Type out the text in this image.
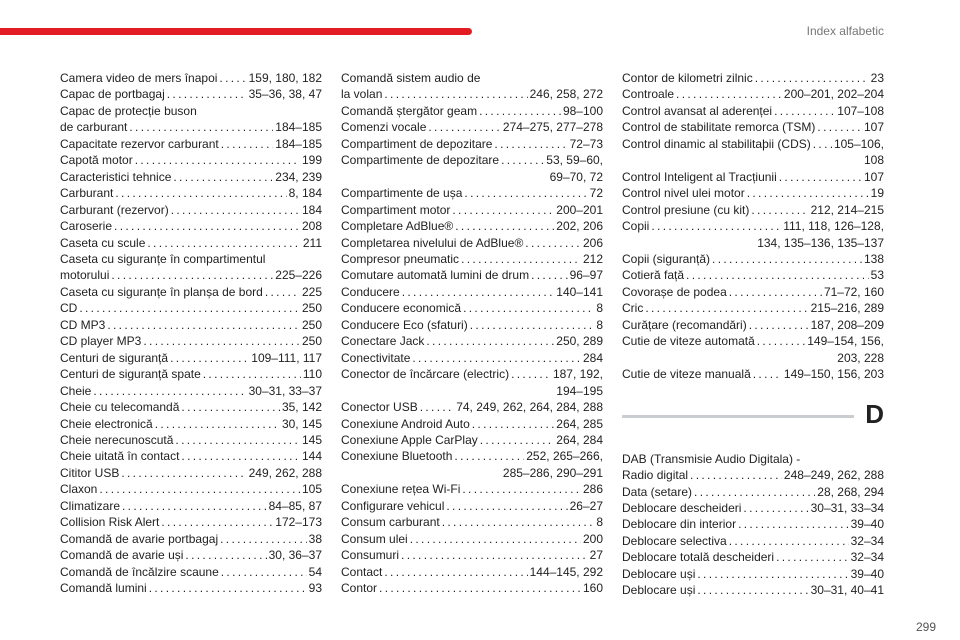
Index alfabetic
Camera video de mers înapoi . . .	159, 180, 182
Capac de portbagaj . . .	35–36, 38, 47
Capac de protecție buson
de carburant . . .	184–185
Capacitate rezervor carburant . . .	184–185
Capotă motor . . .	199
Caracteristici tehnice . . .	234, 239
Carburant . . .	8, 184
Carburant (rezervor) . . .	184
Caroserie . . .	208
Caseta cu scule . . .	211
Caseta cu siguranțe în compartimentul
motorului . . .	225–226
Caseta cu siguranțe în planșa de bord . . .	225
CD . . .	250
CD MP3 . . .	250
CD player MP3 . . .	250
Centuri de siguranță . . .	109–111, 117
Centuri de siguranță spate . . .	110
Cheie . . .	30–31, 33–37
Cheie cu telecomandă . . .	35, 142
Cheie electronică . . .	30, 145
Cheie nerecunoscută . . .	145
Cheie uitată în contact . . .	144
Cititor USB . . .	249, 262, 288
Claxon . . .	105
Climatizare . . .	84–85, 87
Collision Risk Alert . . .	172–173
Comandă de avarie portbagaj . . .	38
Comandă de avarie uși . . .	30, 36–37
Comandă de încălzire scaune . . .	54
Comandă lumini . . .	93
Comandă sistem audio de
la volan . . .	246, 258, 272
Comandă ștergător geam . . .	98–100
Comenzi vocale . . .	274–275, 277–278
Compartiment de depozitare . . .	72–73
Compartimente de depozitare . . .	53, 59–60,
69–70, 72
Compartimente de ușa . . .	72
Compartiment motor . . .	200–201
Completare AdBlue® . . .	202, 206
Completarea nivelului de AdBlue® . . .	206
Compresor pneumatic . . .	212
Comutare automată lumini de drum . . .	96–97
Conducere . . .	140–141
Conducere economică . . .	8
Conducere Eco (sfaturi) . . .	8
Conectare Jack . . .	250, 289
Conectivitate . . .	284
Conector de încărcare (electric) . . .	187, 192,
194–195
Conector USB . . .	74, 249, 262, 264, 284, 288
Conexiune Android Auto . . .	264, 285
Conexiune Apple CarPlay . . .	264, 284
Conexiune Bluetooth . . .	252, 265–266,
285–286, 290–291
Conexiune rețea Wi-Fi . . .	286
Configurare vehicul . . .	26–27
Consum carburant . . .	8
Consum ulei . . .	200
Consumuri . . .	27
Contact . . .	144–145, 292
Contor . . .	160
Contor de kilometri zilnic . . .	23
Controale . . .	200–201, 202–204
Control avansat al aderenței . . .	107–108
Control de stabilitate remorca (TSM) . . .	107
Control dinamic al stabilitaþii (CDS) . . . 105–106,
108
Control Inteligent al Tracțiunii . . .	107
Control nivel ulei motor . . .	19
Control presiune (cu kit) . . .	212, 214–215
Copii . . .	111, 118, 126–128,
134, 135–136, 135–137
Copii (siguranță) . . .	138
Cotieră față . . .	53
Covorașe de podea . . .	71–72, 160
Cric . . .	215–216, 289
Curățare (recomandări) . . .	187, 208–209
Cutie de viteze automată . . .	149–154, 156,
203, 228
Cutie de viteze manuală . . .	149–150, 156, 203
D
DAB (Transmisie Audio Digitala) -
Radio digital . . .	248–249, 262, 288
Data (setare) . . .	28, 268, 294
Deblocare descheideri . . .	30–31, 33–34
Deblocare din interior . . .	39–40
Deblocare selectiva . . .	32–34
Deblocare totală descheideri . . .	32–34
Deblocare uși . . .	39–40
Deblocare uși . . .	30–31, 40–41
299
